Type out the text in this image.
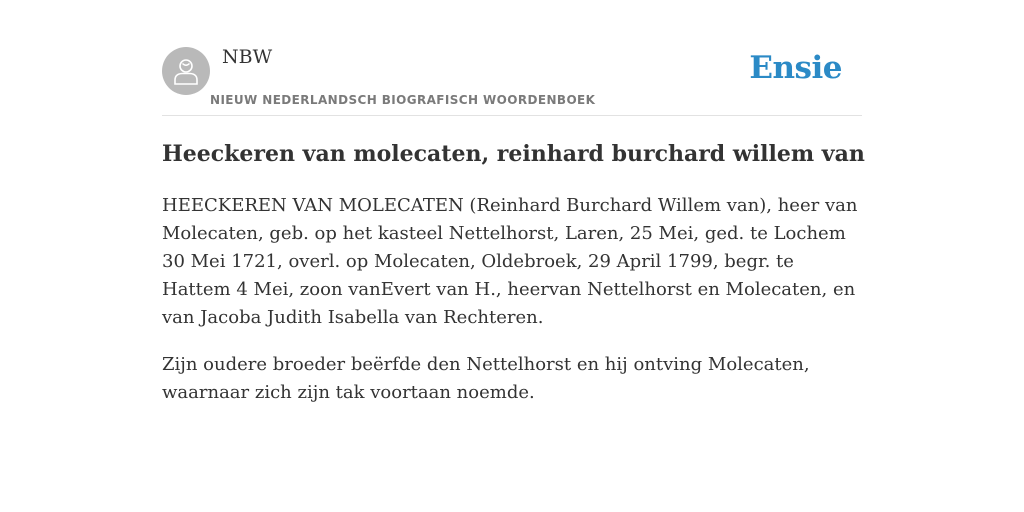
NBW
NIEUW NEDERLANDSCH BIOGRAFISCH WOORDENBOEK
Ensie
Heeckeren van molecaten, reinhard burchard willem van

HEECKEREN VAN MOLECATEN (Reinhard Burchard Willem van), heer van Molecaten, geb. op het kasteel Nettelhorst, Laren, 25 Mei, ged. te Lochem 30 Mei 1721, overl. op Molecaten, Oldebroek, 29 April 1799, begr. te Hattem 4 Mei, zoon vanEvert van H., heervan Nettelhorst en Molecaten, en van Jacoba Judith Isabella van Rechteren.

Zijn oudere broeder beërfde den Nettelhorst en hij ontving Molecaten, waarnaar zich zijn tak voortaan noemde.
